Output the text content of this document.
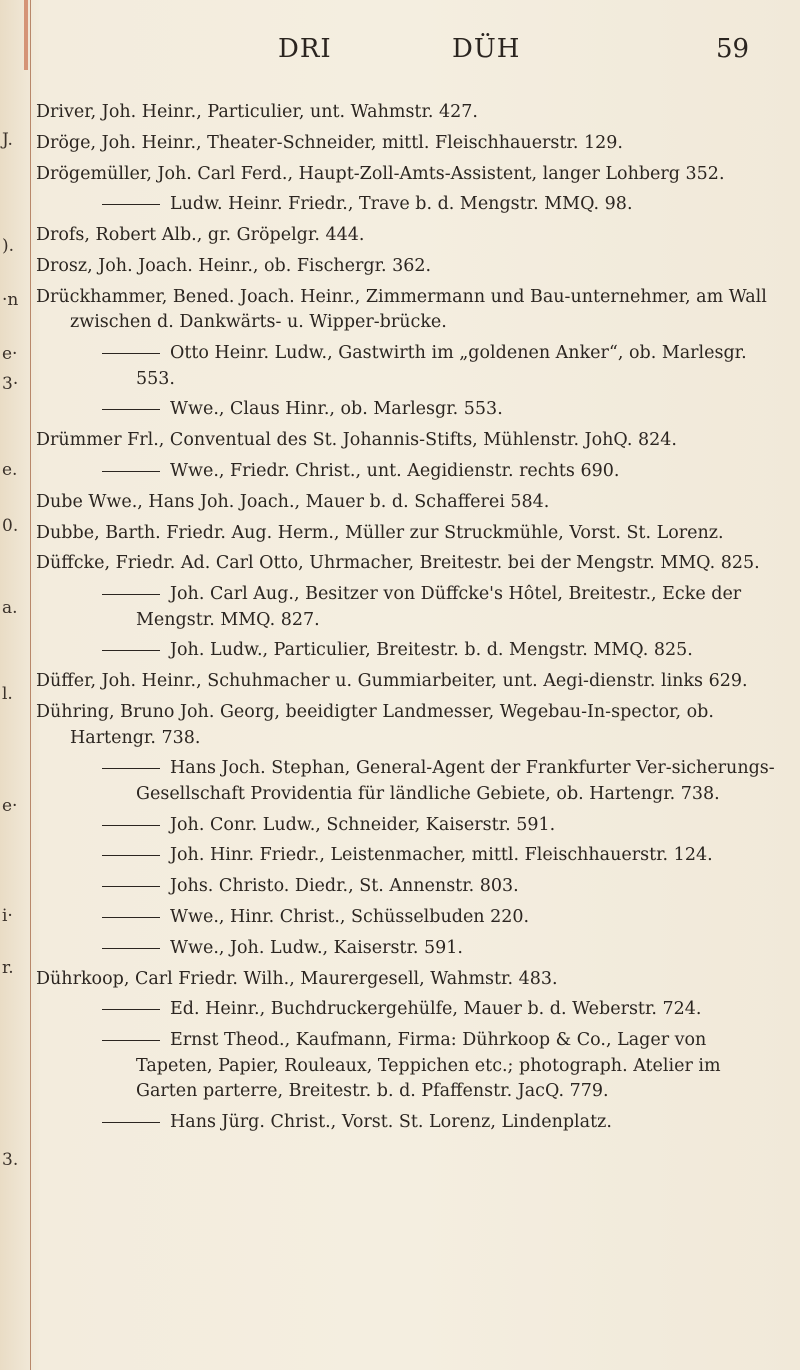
J.
).
·n
e·
3·
e.
0.
a.
l.
e·
i·
r.
3.
DRI	DÜH	59
Driver, Joh. Heinr., Particulier, unt. Wahmstr. 427.
Dröge, Joh. Heinr., Theater-Schneider, mittl. Fleischhauerstr. 129.
Drögemüller, Joh. Carl Ferd., Haupt-Zoll-Amts-Assistent, langer Lohberg 352.
Ludw. Heinr. Friedr., Trave b. d. Mengstr. MMQ. 98.
Drofs, Robert Alb., gr. Gröpelgr. 444.
Drosz, Joh. Joach. Heinr., ob. Fischergr. 362.
Drückhammer, Bened. Joach. Heinr., Zimmermann und Bau-unternehmer, am Wall zwischen d. Dankwärts- u. Wipper-brücke.
Otto Heinr. Ludw., Gastwirth im „goldenen Anker“, ob. Marlesgr. 553.
Wwe., Claus Hinr., ob. Marlesgr. 553.
Drümmer Frl., Conventual des St. Johannis-Stifts, Mühlenstr. JohQ. 824.
Wwe., Friedr. Christ., unt. Aegidienstr. rechts 690.
Dube Wwe., Hans Joh. Joach., Mauer b. d. Schafferei 584.
Dubbe, Barth. Friedr. Aug. Herm., Müller zur Struckmühle, Vorst. St. Lorenz.
Düffcke, Friedr. Ad. Carl Otto, Uhrmacher, Breitestr. bei der Mengstr. MMQ. 825.
Joh. Carl Aug., Besitzer von Düffcke's Hôtel, Breitestr., Ecke der Mengstr. MMQ. 827.
Joh. Ludw., Particulier, Breitestr. b. d. Mengstr. MMQ. 825.
Düffer, Joh. Heinr., Schuhmacher u. Gummiarbeiter, unt. Aegi-dienstr. links 629.
Dühring, Bruno Joh. Georg, beeidigter Landmesser, Wegebau-In-spector, ob. Hartengr. 738.
Hans Joch. Stephan, General-Agent der Frankfurter Ver-sicherungs-Gesellschaft Providentia für ländliche Gebiete, ob. Hartengr. 738.
Joh. Conr. Ludw., Schneider, Kaiserstr. 591.
Joh. Hinr. Friedr., Leistenmacher, mittl. Fleischhauerstr. 124.
Johs. Christo. Diedr., St. Annenstr. 803.
Wwe., Hinr. Christ., Schüsselbuden 220.
Wwe., Joh. Ludw., Kaiserstr. 591.
Dührkoop, Carl Friedr. Wilh., Maurergesell, Wahmstr. 483.
Ed. Heinr., Buchdruckergehülfe, Mauer b. d. Weberstr. 724.
Ernst Theod., Kaufmann, Firma: Dührkoop & Co., Lager von Tapeten, Papier, Rouleaux, Teppichen etc.; photograph. Atelier im Garten parterre, Breitestr. b. d. Pfaffenstr. JacQ. 779.
Hans Jürg. Christ., Vorst. St. Lorenz, Lindenplatz.
